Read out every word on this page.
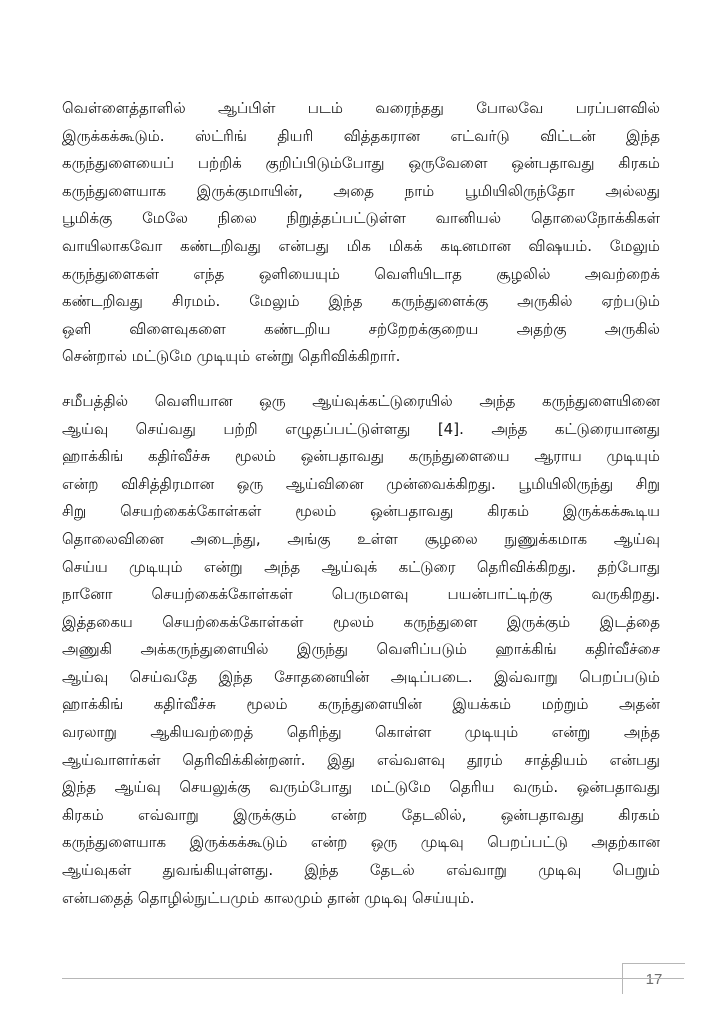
வெள்ளைத்தாளில் ஆப்பிள் படம் வரைந்தது போலவே பரப்பளவில்
இருக்கக்கூடும். ஸ்ட்ரிங் தியரி வித்தகரான எட்வர்டு விட்டன் இந்த
கருந்துளையைப் பற்றிக் குறிப்பிடும்போது ஒருவேளை ஒன்பதாவது கிரகம்
கருந்துளையாக இருக்குமாயின், அதை நாம் பூமியிலிருந்தோ அல்லது
பூமிக்கு மேலே நிலை நிறுத்தப்பட்டுள்ள வானியல் தொலைநோக்கிகள்
வாயிலாகவோ கண்டறிவது என்பது மிக மிகக் கடினமான விஷயம். மேலும்
கருந்துளைகள் எந்த ஒளியையும் வெளியிடாத சூழலில் அவற்றைக்
கண்டறிவது சிரமம். மேலும் இந்த கருந்துளைக்கு அருகில் ஏற்படும்
ஒளி விளைவுகளை கண்டறிய சற்றேறக்குறைய அதற்கு அருகில்
சென்றால் மட்டுமே முடியும் என்று தெரிவிக்கிறார்.
சமீபத்தில் வெளியான ஒரு ஆய்வுக்கட்டுரையில் அந்த கருந்துளையினை
ஆய்வு செய்வது பற்றி எழுதப்பட்டுள்ளது [4]. அந்த கட்டுரையானது
ஹாக்கிங் கதிர்வீச்சு மூலம் ஒன்பதாவது கருந்துளையை ஆராய முடியும்
என்ற விசித்திரமான ஒரு ஆய்வினை முன்வைக்கிறது. பூமியிலிருந்து சிறு
சிறு செயற்கைக்கோள்கள் மூலம் ஒன்பதாவது கிரகம் இருக்கக்கூடிய
தொலைவினை அடைந்து, அங்கு உள்ள சூழலை நுணுக்கமாக ஆய்வு
செய்ய முடியும் என்று அந்த ஆய்வுக் கட்டுரை தெரிவிக்கிறது. தற்போது
நானோ செயற்கைக்கோள்கள் பெருமளவு பயன்பாட்டிற்கு வருகிறது.
இத்தகைய செயற்கைக்கோள்கள் மூலம் கருந்துளை இருக்கும் இடத்தை
அணுகி அக்கருந்துளையில் இருந்து வெளிப்படும் ஹாக்கிங் கதிர்வீச்சை
ஆய்வு செய்வதே இந்த சோதனையின் அடிப்படை. இவ்வாறு பெறப்படும்
ஹாக்கிங் கதிர்வீச்சு மூலம் கருந்துளையின் இயக்கம் மற்றும் அதன்
வரலாறு ஆகியவற்றைத் தெரிந்து கொள்ள முடியும் என்று அந்த
ஆய்வாளர்கள் தெரிவிக்கின்றனர். இது எவ்வளவு தூரம் சாத்தியம் என்பது
இந்த ஆய்வு செயலுக்கு வரும்போது மட்டுமே தெரிய வரும். ஒன்பதாவது
கிரகம் எவ்வாறு இருக்கும் என்ற தேடலில், ஒன்பதாவது கிரகம்
கருந்துளையாக இருக்கக்கூடும் என்ற ஒரு முடிவு பெறப்பட்டு அதற்கான
ஆய்வுகள் துவங்கியுள்ளது. இந்த தேடல் எவ்வாறு முடிவு பெறும்
என்பதைத் தொழில்நுட்பமும் காலமும் தான் முடிவு செய்யும்.
17
